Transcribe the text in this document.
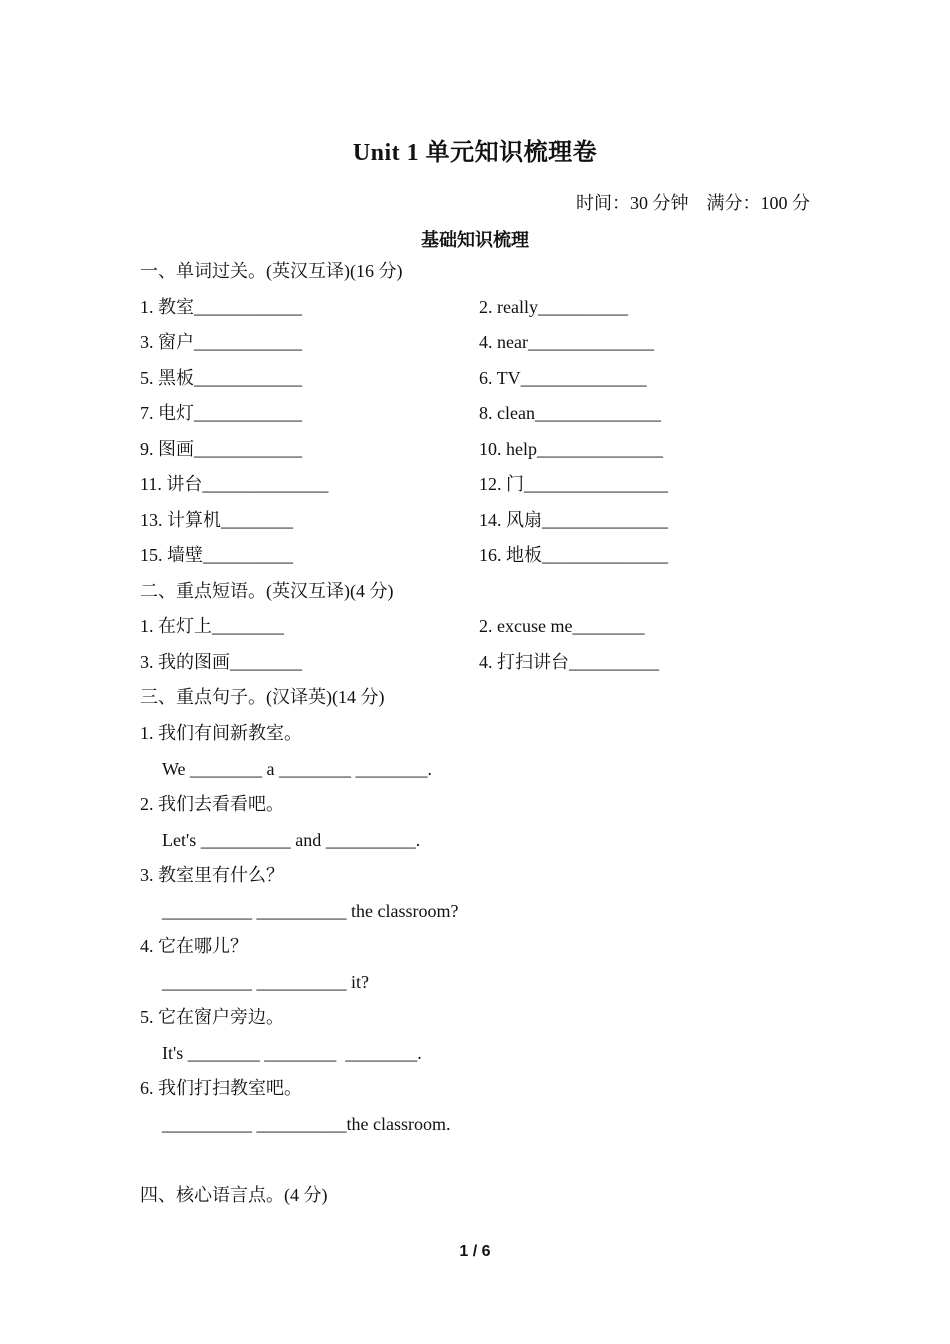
Unit 1 单元知识梳理卷
时间：30 分钟    满分：100 分
基础知识梳理
一、单词过关。(英汉互译)(16 分)
1. 教室____________	2. really__________
3. 窗户____________	4. near______________
5. 黑板____________	6. TV______________
7. 电灯____________	8. clean______________
9. 图画____________	10. help______________
11. 讲台______________	12. 门________________
13. 计算机________	14. 风扇______________
15. 墙壁__________	16. 地板______________
二、重点短语。(英汉互译)(4 分)
1. 在灯上________	2. excuse me________
3. 我的图画________	4. 打扫讲台__________
三、重点句子。(汉译英)(14 分)
1. 我们有间新教室。
We ________ a ________ ________.
2. 我们去看看吧。
Let's __________ and __________.
3. 教室里有什么？
__________ __________ the classroom?
4. 它在哪儿？
__________ __________ it?
5. 它在窗户旁边。
It's ________ ________  ________.
6. 我们打扫教室吧。
__________ __________the classroom.
四、核心语言点。(4 分)
1 / 6
